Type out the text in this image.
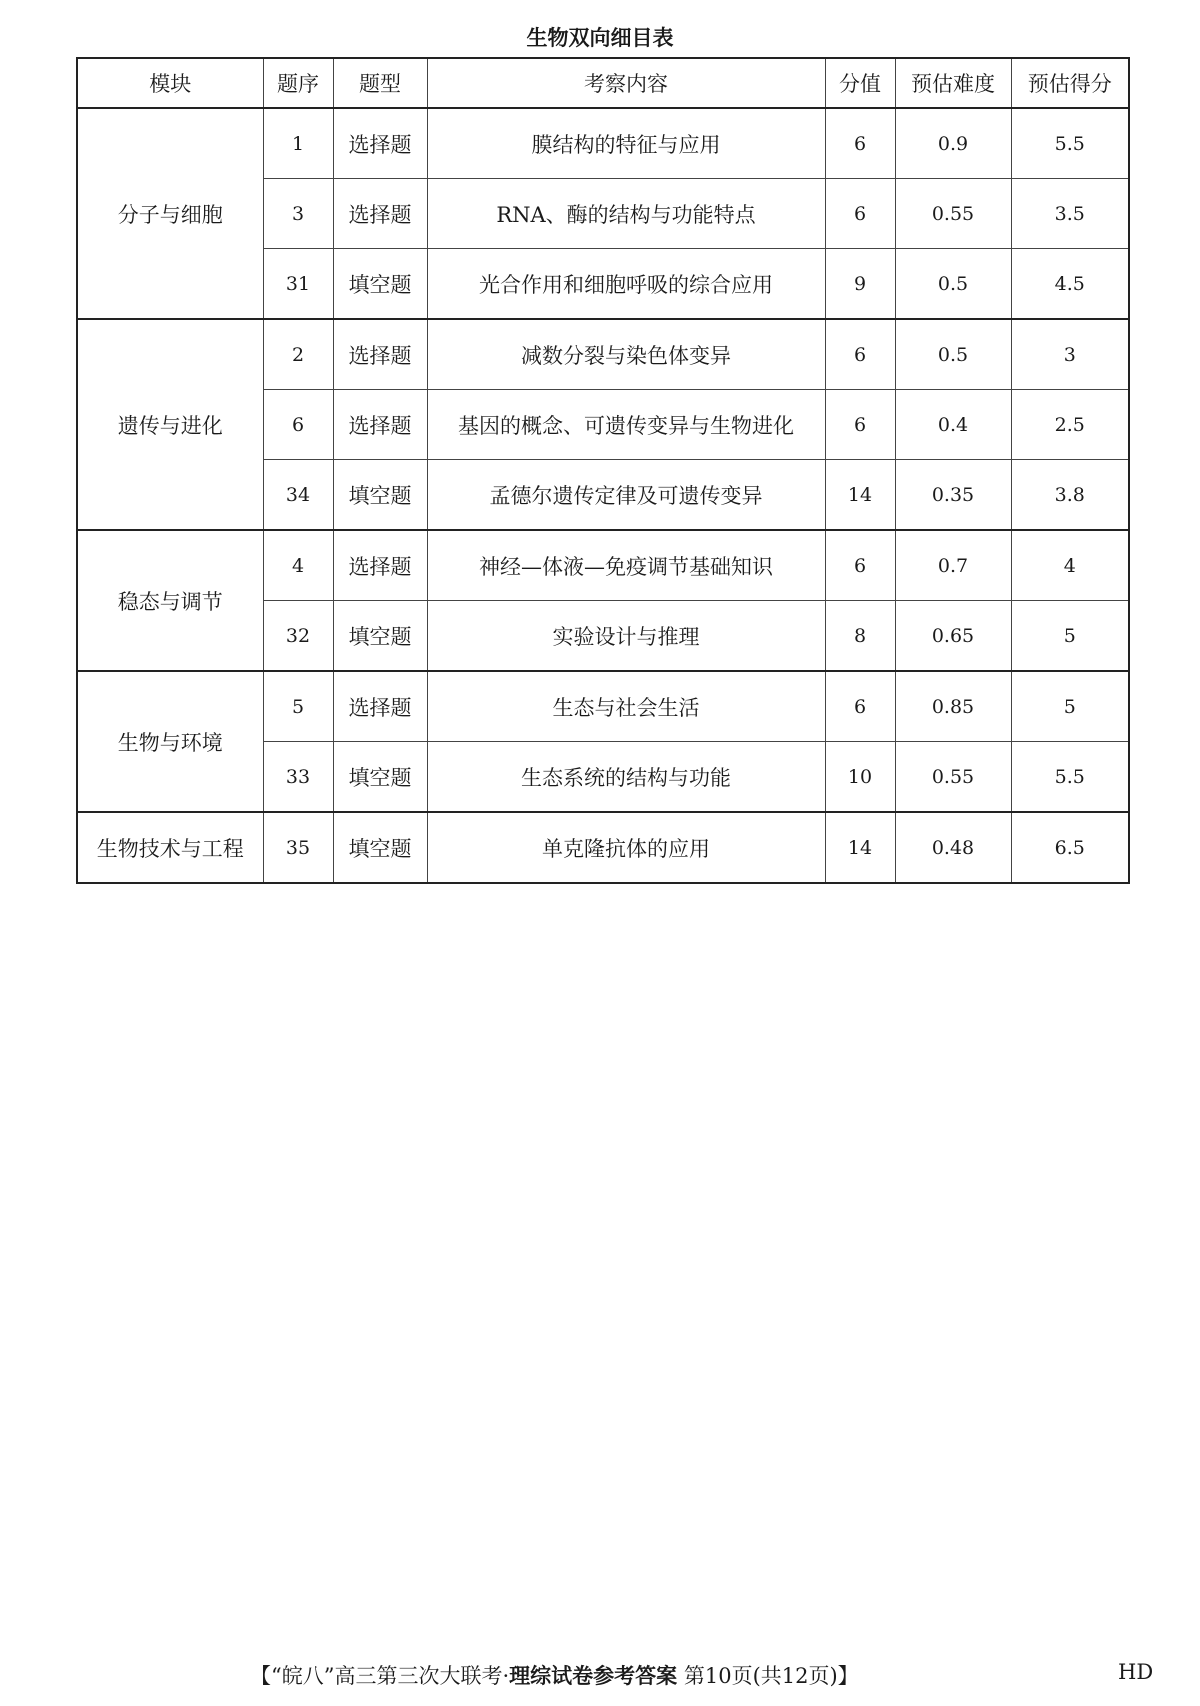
生物双向细目表
模块	题序	题型	考察内容	分值	预估难度	预估得分
分子与细胞	1	选择题	膜结构的特征与应用	6	0.9	5.5
	3	选择题	RNA、酶的结构与功能特点	6	0.55	3.5
	31	填空题	光合作用和细胞呼吸的综合应用	9	0.5	4.5
遗传与进化	2	选择题	减数分裂与染色体变异	6	0.5	3
	6	选择题	基因的概念、可遗传变异与生物进化	6	0.4	2.5
	34	填空题	孟德尔遗传定律及可遗传变异	14	0.35	3.8
稳态与调节	4	选择题	神经—体液—免疫调节基础知识	6	0.7	4
	32	填空题	实验设计与推理	8	0.65	5
生物与环境	5	选择题	生态与社会生活	6	0.85	5
	33	填空题	生态系统的结构与功能	10	0.55	5.5
生物技术与工程	35	填空题	单克隆抗体的应用	14	0.48	6.5
【“皖八”高三第三次大联考·理综试卷参考答案 第10页(共12页)】	HD
